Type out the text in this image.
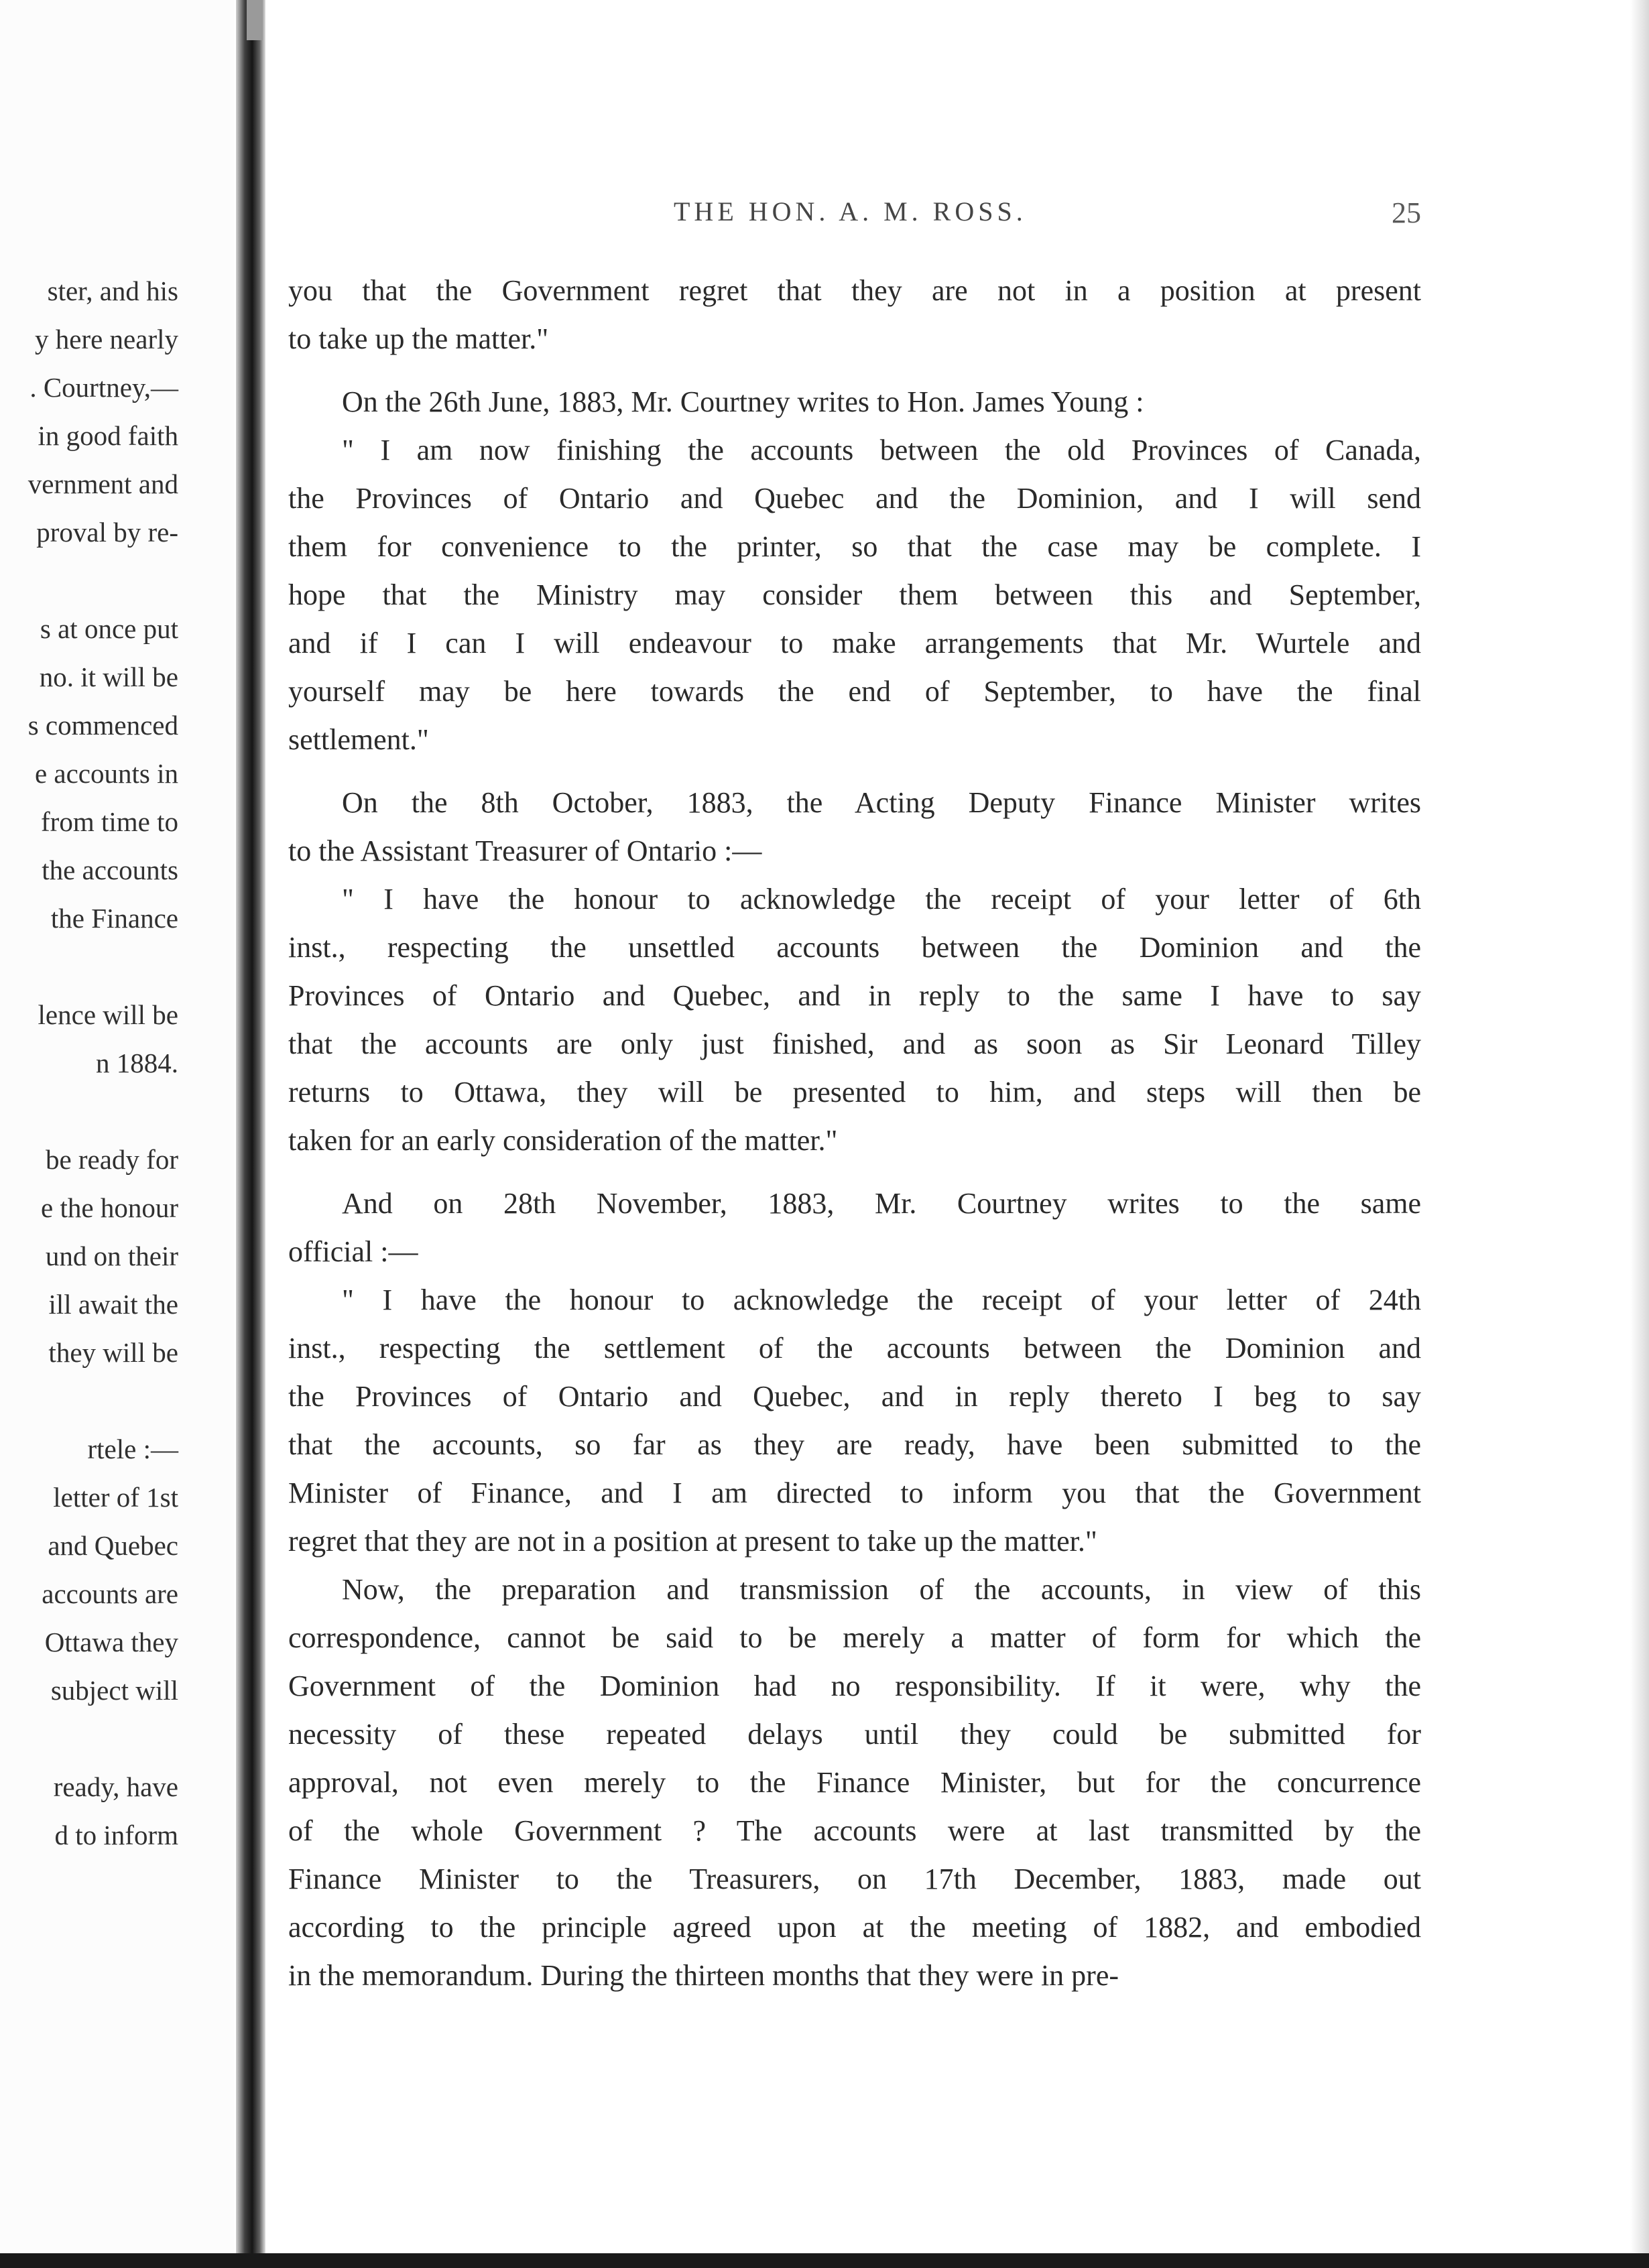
ster, and his
y here nearly
. Courtney,—
in good faith
vernment and
proval by re-
s at once put
no. it will be
s commenced
e accounts in
from time to
the accounts
the Finance
lence will be
n 1884.
be ready for
e the honour
und on their
ill await the
they will be
rtele :—
letter of 1st
and Quebec
accounts are
Ottawa they
subject will
ready, have
d to inform
THE HON. A. M. ROSS.	25
you that the Government regret that they are not in a position at present
to take up the matter."
On the 26th June, 1883, Mr. Courtney writes to Hon. James Young :
" I am now finishing the accounts between the old Provinces of Canada,
the Provinces of Ontario and Quebec and the Dominion, and I will send
them for convenience to the printer, so that the case may be complete. I
hope that the Ministry may consider them between this and September,
and if I can I will endeavour to make arrangements that Mr. Wurtele and
yourself may be here towards the end of September, to have the final
settlement."
On the 8th October, 1883, the Acting Deputy Finance Minister writes
to the Assistant Treasurer of Ontario :—
" I have the honour to acknowledge the receipt of your letter of 6th
inst., respecting the unsettled accounts between the Dominion and the
Provinces of Ontario and Quebec, and in reply to the same I have to say
that the accounts are only just finished, and as soon as Sir Leonard Tilley
returns to Ottawa, they will be presented to him, and steps will then be
taken for an early consideration of the matter."
And on 28th November, 1883, Mr. Courtney writes to the same
official :—
" I have the honour to acknowledge the receipt of your letter of 24th
inst., respecting the settlement of the accounts between the Dominion and
the Provinces of Ontario and Quebec, and in reply thereto I beg to say
that the accounts, so far as they are ready, have been submitted to the
Minister of Finance, and I am directed to inform you that the Government
regret that they are not in a position at present to take up the matter."
Now, the preparation and transmission of the accounts, in view of this
correspondence, cannot be said to be merely a matter of form for which the
Government of the Dominion had no responsibility. If it were, why the
necessity of these repeated delays until they could be submitted for
approval, not even merely to the Finance Minister, but for the concurrence
of the whole Government ? The accounts were at last transmitted by the
Finance Minister to the Treasurers, on 17th December, 1883, made out
according to the principle agreed upon at the meeting of 1882, and embodied
in the memorandum. During the thirteen months that they were in pre-
